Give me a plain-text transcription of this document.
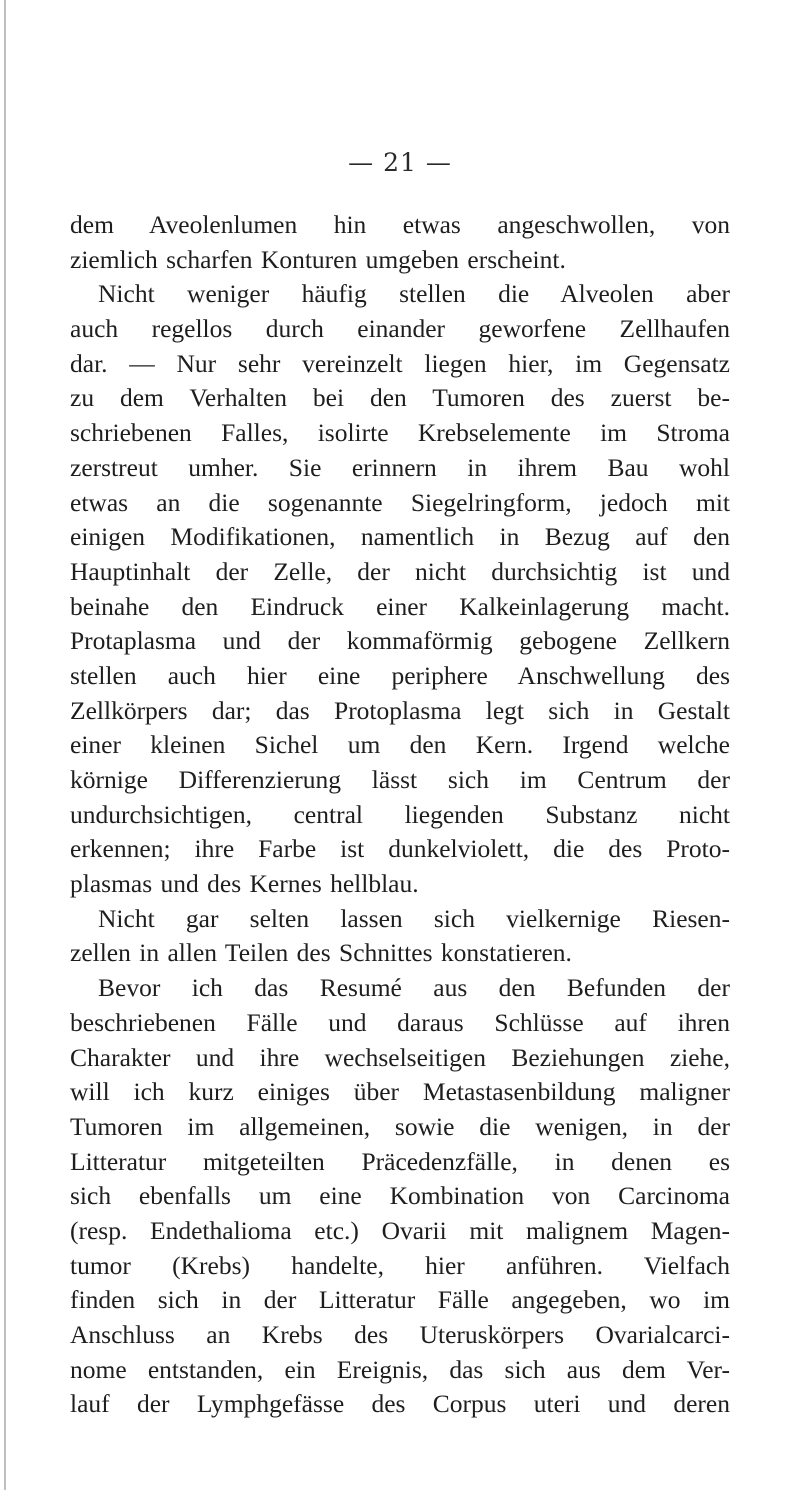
— 21 —
dem Aveolenlumen hin etwas angeschwollen, von
ziemlich scharfen Konturen umgeben erscheint.
Nicht weniger häufig stellen die Alveolen aber
auch regellos durch einander geworfene Zellhaufen
dar. — Nur sehr vereinzelt liegen hier, im Gegensatz
zu dem Verhalten bei den Tumoren des zuerst be-
schriebenen Falles, isolirte Krebselemente im Stroma
zerstreut umher. Sie erinnern in ihrem Bau wohl
etwas an die sogenannte Siegelringform, jedoch mit
einigen Modifikationen, namentlich in Bezug auf den
Hauptinhalt der Zelle, der nicht durchsichtig ist und
beinahe den Eindruck einer Kalkeinlagerung macht.
Protaplasma und der kommaförmig gebogene Zellkern
stellen auch hier eine periphere Anschwellung des
Zellkörpers dar; das Protoplasma legt sich in Gestalt
einer kleinen Sichel um den Kern. Irgend welche
körnige Differenzierung lässt sich im Centrum der
undurchsichtigen, central liegenden Substanz nicht
erkennen; ihre Farbe ist dunkelviolett, die des Proto-
plasmas und des Kernes hellblau.
Nicht gar selten lassen sich vielkernige Riesen-
zellen in allen Teilen des Schnittes konstatieren.
Bevor ich das Resumé aus den Befunden der
beschriebenen Fälle und daraus Schlüsse auf ihren
Charakter und ihre wechselseitigen Beziehungen ziehe,
will ich kurz einiges über Metastasenbildung maligner
Tumoren im allgemeinen, sowie die wenigen, in der
Litteratur mitgeteilten Präcedenzfälle, in denen es
sich ebenfalls um eine Kombination von Carcinoma
(resp. Endethalioma etc.) Ovarii mit malignem Magen-
tumor (Krebs) handelte, hier anführen. Vielfach
finden sich in der Litteratur Fälle angegeben, wo im
Anschluss an Krebs des Uteruskörpers Ovarialcarci-
nome entstanden, ein Ereignis, das sich aus dem Ver-
lauf der Lymphgefässe des Corpus uteri und deren
